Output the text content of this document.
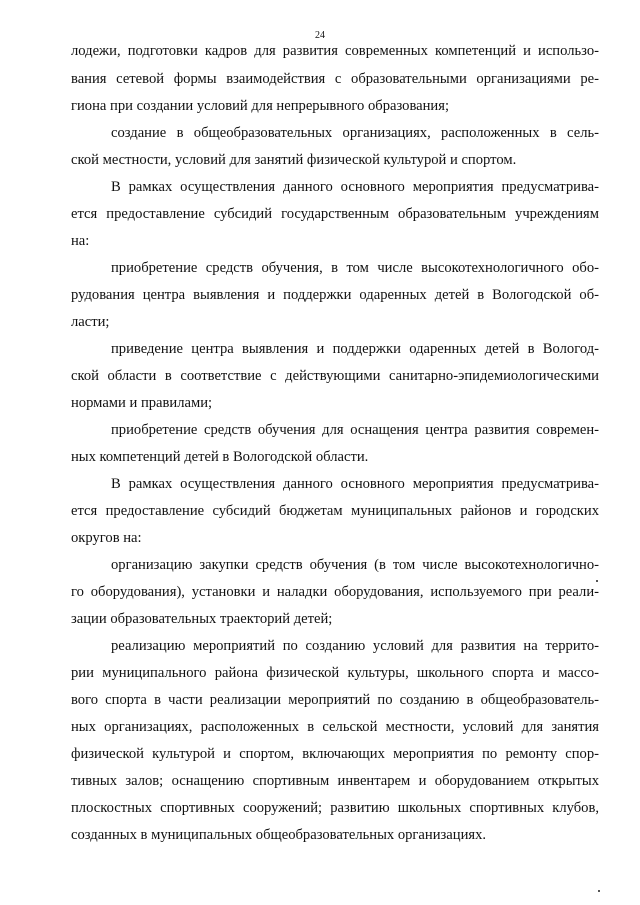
24
лодежи, подготовки кадров для развития современных компетенций и использо-
вания сетевой формы взаимодействия с образовательными организациями ре-
гиона при создании условий для непрерывного образования;
создание в общеобразовательных организациях, расположенных в сель-
ской местности, условий для занятий физической культурой и спортом.
В рамках осуществления данного основного мероприятия предусматрива-
ется предоставление субсидий государственным образовательным учреждениям
на:
приобретение средств обучения, в том числе высокотехнологичного обо-
рудования центра выявления и поддержки одаренных детей в Вологодской об-
ласти;
приведение центра выявления и поддержки одаренных детей в Вологод-
ской области в соответствие с действующими санитарно-эпидемиологическими
нормами и правилами;
приобретение средств обучения для оснащения центра развития современ-
ных компетенций детей в Вологодской области.
В рамках осуществления данного основного мероприятия предусматрива-
ется предоставление субсидий бюджетам муниципальных районов и городских
округов на:
организацию закупки средств обучения (в том числе высокотехнологично-
го оборудования), установки и наладки оборудования, используемого при реали-
зации образовательных траекторий детей;
реализацию мероприятий по созданию условий для развития на террито-
рии муниципального района физической культуры, школьного спорта и массо-
вого спорта в части реализации мероприятий по созданию в общеобразователь-
ных организациях, расположенных в сельской местности, условий для занятия
физической культурой и спортом, включающих мероприятия по ремонту спор-
тивных залов; оснащению спортивным инвентарем и оборудованием открытых
плоскостных спортивных сооружений; развитию школьных спортивных клубов,
созданных в муниципальных общеобразовательных организациях.
